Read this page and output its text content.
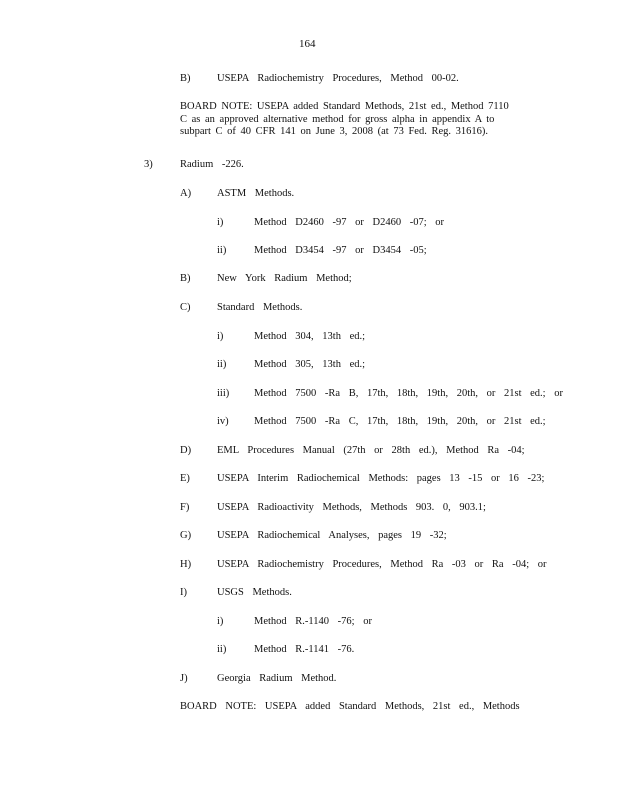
164
B)	USEPA Radiochemistry Procedures, Method 00-02.
BOARD NOTE: USEPA added Standard Methods, 21st ed., Method 7110
C as an approved alternative method for gross alpha in appendix A to
subpart C of 40 CFR 141 on June 3, 2008 (at 73 Fed. Reg. 31616).
3)	Radium -226.
A) ASTM Methods.
i)	Method D2460 -97 or D2460 -07; or
ii)	Method D3454 -97 or D3454 -05;
B)	New York Radium Method;
C)	Standard Methods.
i)	Method 304, 13th ed.;
ii)	Method 305, 13th ed.;
iii) Method 7500 -Ra B, 17th, 18th, 19th, 20th, or 21st ed.; or
iv) Method 7500 -Ra C, 17th, 18th, 19th, 20th, or 21st ed.;
D) EML Procedures Manual (27th or 28th ed.), Method Ra -04;
E)	USEPA Interim Radiochemical Methods: pages 13 -15 or 16 -23;
F)	USEPA Radioactivity Methods, Methods 903. 0, 903.1;
G) USEPA Radiochemical Analyses, pages 19 -32;
H) USEPA Radiochemistry Procedures, Method Ra -03 or Ra -04; or
I)	USGS Methods.
i)	Method R.-1140 -76; or
ii)	Method R.-1141 -76.
J)	Georgia Radium Method.
BOARD NOTE: USEPA added Standard Methods, 21st ed., Methods
